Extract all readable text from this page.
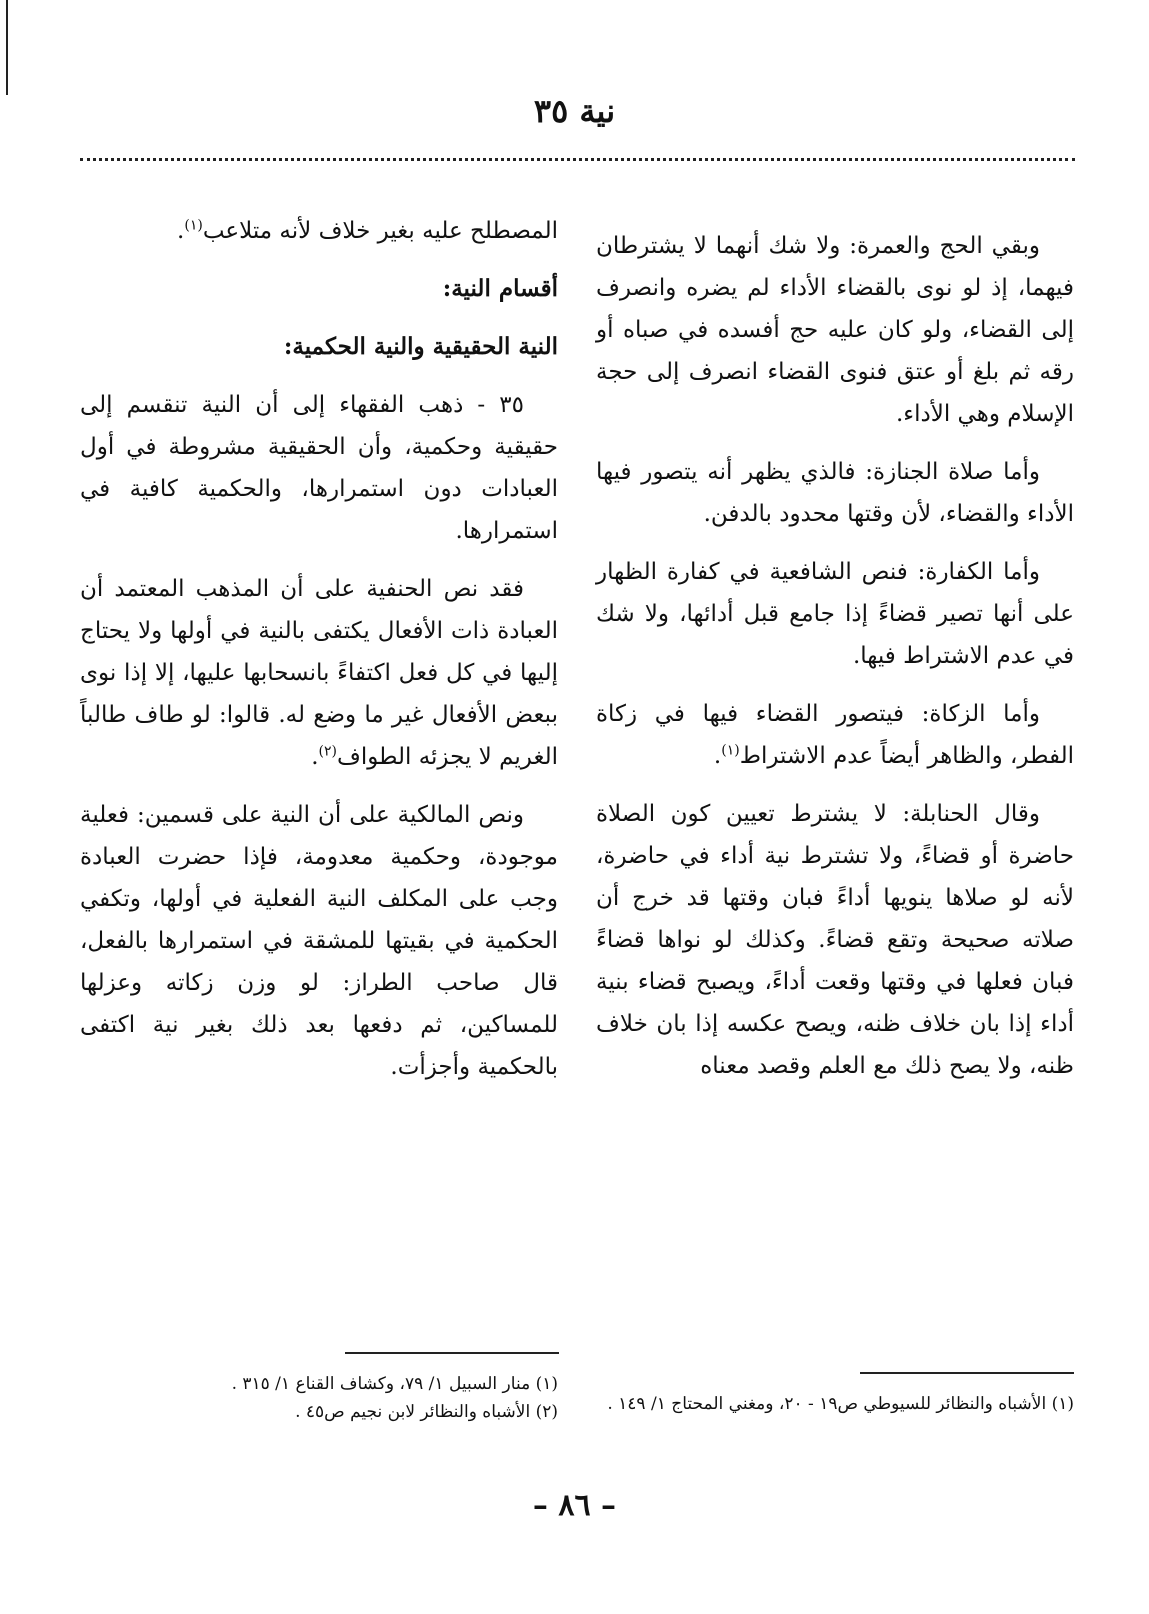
نية ٣٥

وبقي الحج والعمرة: ولا شك أنهما لا يشترطان فيهما، إذ لو نوى بالقضاء الأداء لم يضره وانصرف إلى القضاء، ولو كان عليه حج أفسده في صباه أو رقه ثم بلغ أو عتق فنوى القضاء انصرف إلى حجة الإسلام وهي الأداء.

وأما صلاة الجنازة: فالذي يظهر أنه يتصور فيها الأداء والقضاء، لأن وقتها محدود بالدفن.

وأما الكفارة: فنص الشافعية في كفارة الظهار على أنها تصير قضاءً إذا جامع قبل أدائها، ولا شك في عدم الاشتراط فيها.

وأما الزكاة: فيتصور القضاء فيها في زكاة الفطر، والظاهر أيضاً عدم الاشتراط$^{(١)}$.

وقال الحنابلة: لا يشترط تعيين كون الصلاة حاضرة أو قضاءً، ولا تشترط نية أداء في حاضرة، لأنه لو صلاها ينويها أداءً فبان وقتها قد خرج أن صلاته صحيحة وتقع قضاءً. وكذلك لو نواها قضاءً فبان فعلها في وقتها وقعت أداءً، ويصبح قضاء بنية أداء إذا بان خلاف ظنه، ويصح عكسه إذا بان خلاف ظنه، ولا يصح ذلك مع العلم وقصد معناه

المصطلح عليه بغير خلاف لأنه متلاعب$^{(١)}$.

أقسام النية:
النية الحقيقية والنية الحكمية:

٣٥ - ذهب الفقهاء إلى أن النية تنقسم إلى حقيقية وحكمية، وأن الحقيقية مشروطة في أول العبادات دون استمرارها، والحكمية كافية في استمرارها.

فقد نص الحنفية على أن المذهب المعتمد أن العبادة ذات الأفعال يكتفى بالنية في أولها ولا يحتاج إليها في كل فعل اكتفاءً بانسحابها عليها، إلا إذا نوى ببعض الأفعال غير ما وضع له. قالوا: لو طاف طالباً الغريم لا يجزئه الطواف$^{(٢)}$.

ونص المالكية على أن النية على قسمين: فعلية موجودة، وحكمية معدومة، فإذا حضرت العبادة وجب على المكلف النية الفعلية في أولها، وتكفي الحكمية في بقيتها للمشقة في استمرارها بالفعل، قال صاحب الطراز: لو وزن زكاته وعزلها للمساكين، ثم دفعها بعد ذلك بغير نية اكتفى بالحكمية وأجزأت.

(١) الأشباه والنظائر للسيوطي ص١٩ - ٢٠، ومغني المحتاج ١/ ١٤٩ .

(١) منار السبيل ١/ ٧٩، وكشاف القناع ١/ ٣١٥ .

(٢) الأشباه والنظائر لابن نجيم ص٤٥ .

– ٨٦ –
